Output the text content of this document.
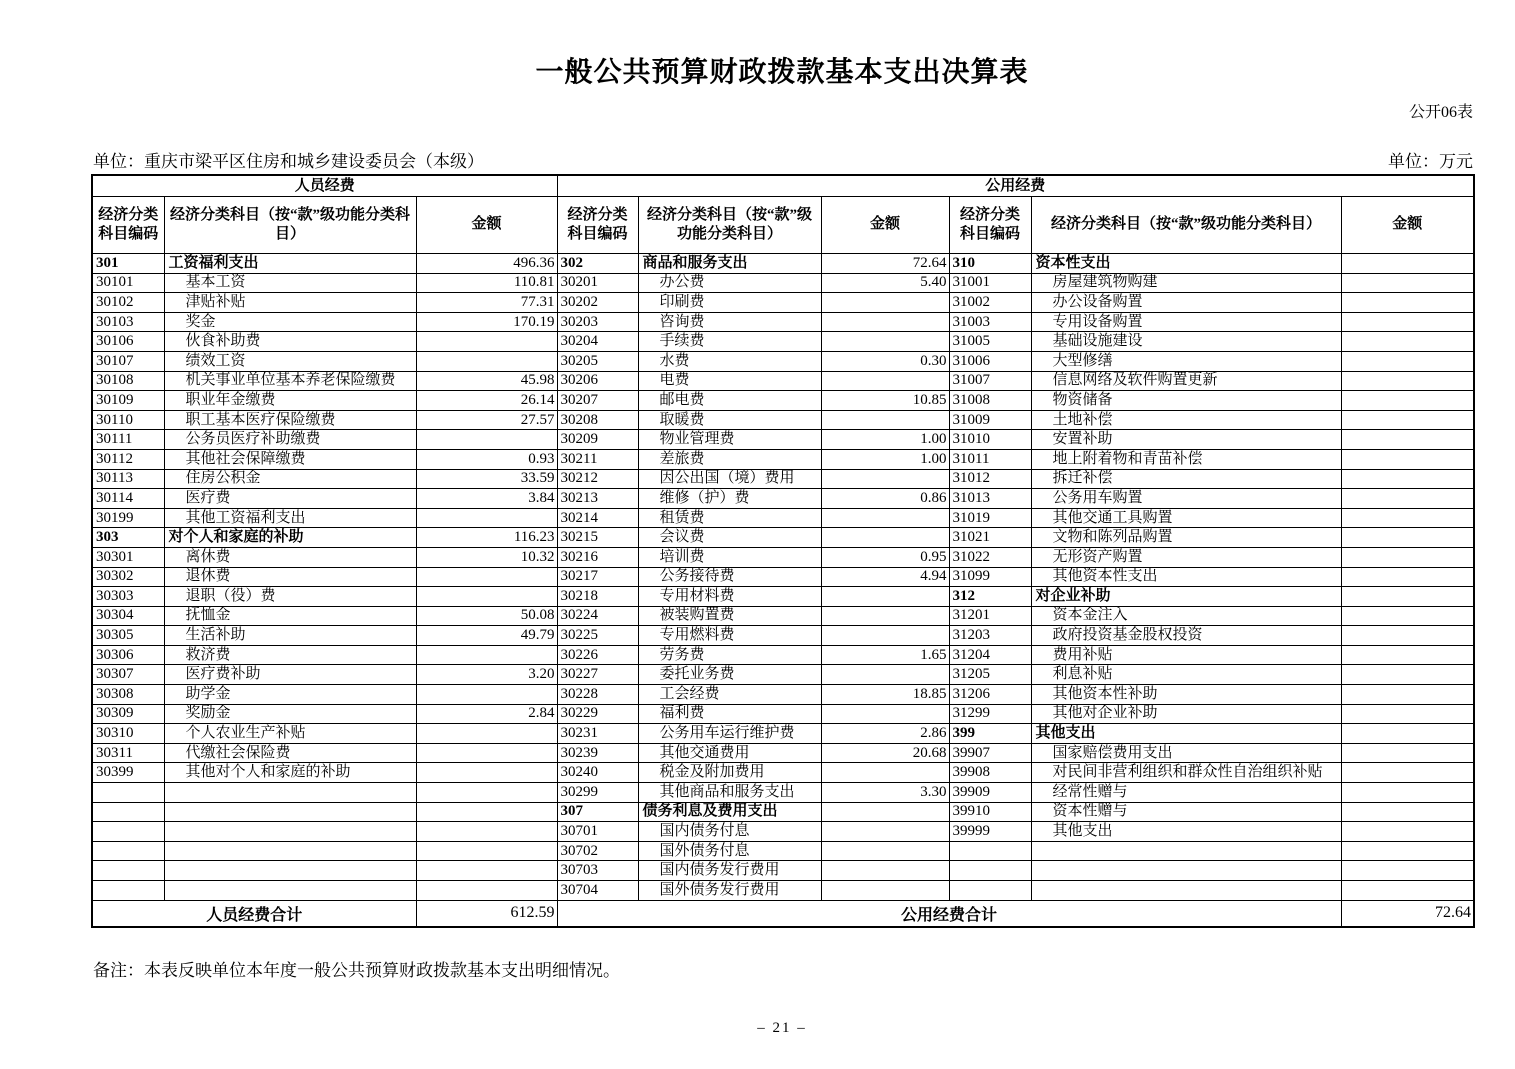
一般公共预算财政拨款基本支出决算表
公开06表
单位：重庆市梁平区住房和城乡建设委员会（本级）	单位：万元
人员经费			公用经费					
经济分类科目编码	经济分类科目（按“款”级功能分类科目）	金额	经济分类科目编码	经济分类科目（按“款”级功能分类科目）	金额	经济分类科目编码	经济分类科目（按“款”级功能分类科目）	金额
301	工资福利支出	496.36	302	商品和服务支出	72.64	310	资本性支出	
30101	基本工资	110.81	30201	办公费	5.40	31001	房屋建筑物购建	
30102	津贴补贴	77.31	30202	印刷费		31002	办公设备购置	
30103	奖金	170.19	30203	咨询费		31003	专用设备购置	
30106	伙食补助费		30204	手续费		31005	基础设施建设	
30107	绩效工资		30205	水费	0.30	31006	大型修缮	
30108	机关事业单位基本养老保险缴费	45.98	30206	电费		31007	信息网络及软件购置更新	
30109	职业年金缴费	26.14	30207	邮电费	10.85	31008	物资储备	
30110	职工基本医疗保险缴费	27.57	30208	取暖费		31009	土地补偿	
30111	公务员医疗补助缴费		30209	物业管理费	1.00	31010	安置补助	
30112	其他社会保障缴费	0.93	30211	差旅费	1.00	31011	地上附着物和青苗补偿	
30113	住房公积金	33.59	30212	因公出国（境）费用		31012	拆迁补偿	
30114	医疗费	3.84	30213	维修（护）费	0.86	31013	公务用车购置	
30199	其他工资福利支出		30214	租赁费		31019	其他交通工具购置	
303	对个人和家庭的补助	116.23	30215	会议费		31021	文物和陈列品购置	
30301	离休费	10.32	30216	培训费	0.95	31022	无形资产购置	
30302	退休费		30217	公务接待费	4.94	31099	其他资本性支出	
30303	退职（役）费		30218	专用材料费		312	对企业补助	
30304	抚恤金	50.08	30224	被装购置费		31201	资本金注入	
30305	生活补助	49.79	30225	专用燃料费		31203	政府投资基金股权投资	
30306	救济费		30226	劳务费	1.65	31204	费用补贴	
30307	医疗费补助	3.20	30227	委托业务费		31205	利息补贴	
30308	助学金		30228	工会经费	18.85	31206	其他资本性补助	
30309	奖励金	2.84	30229	福利费		31299	其他对企业补助	
30310	个人农业生产补贴		30231	公务用车运行维护费	2.86	399	其他支出	
30311	代缴社会保险费		30239	其他交通费用	20.68	39907	国家赔偿费用支出	
30399	其他对个人和家庭的补助		30240	税金及附加费用		39908	对民间非营利组织和群众性自治组织补贴	
			30299	其他商品和服务支出	3.30	39909	经常性赠与	
			307	债务利息及费用支出		39910	资本性赠与	
			30701	国内债务付息		39999	其他支出	
			30702	国外债务付息				
			30703	国内债务发行费用				
			30704	国外债务发行费用				
人员经费合计		612.59	公用经费合计					72.64
备注：本表反映单位本年度一般公共预算财政拨款基本支出明细情况。
– 21 –
